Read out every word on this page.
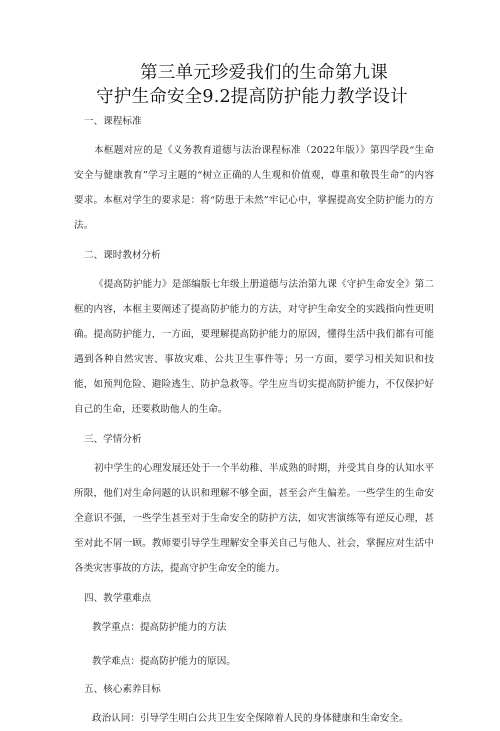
第三单元珍爱我们的生命第九课
守护生命安全9.2提高防护能力教学设计
一、课程标准

本框题对应的是《义务教育道德与法治课程标准（2022年版）》第四学段“生命安全与健康教育”学习主题的“树立正确的人生观和价值观，尊重和敬畏生命”的内容要求。本框对学生的要求是：将“防患于未然”牢记心中，掌握提高安全防护能力的方法。

二、课时教材分析

《提高防护能力》是部编版七年级上册道德与法治第九课《守护生命安全》第二框的内容，本框主要阐述了提高防护能力的方法，对守护生命安全的实践指向性更明确。提高防护能力，一方面，要理解提高防护能力的原因，懂得生活中我们都有可能遇到各种自然灾害、事故灾难、公共卫生事件等；另一方面，要学习相关知识和技能，如预判危险、避险逃生、防护急救等。学生应当切实提高防护能力，不仅保护好自己的生命，还要救助他人的生命。

三、学情分析

初中学生的心理发展还处于一个半幼稚、半成熟的时期，并受其自身的认知水平所限，他们对生命问题的认识和理解不够全面，甚至会产生偏差。一些学生的生命安全意识不强，一些学生甚至对于生命安全的防护方法，如灾害演练等有逆反心理，甚至对此不屑一顾。教师要引导学生理解安全事关自己与他人、社会，掌握应对生活中各类灾害事故的方法，提高守护生命安全的能力。

四、教学重难点

教学重点：提高防护能力的方法

教学难点：提高防护能力的原因。

五、核心素养目标

政治认同：引导学生明白公共卫生安全保障着人民的身体健康和生命安全。
